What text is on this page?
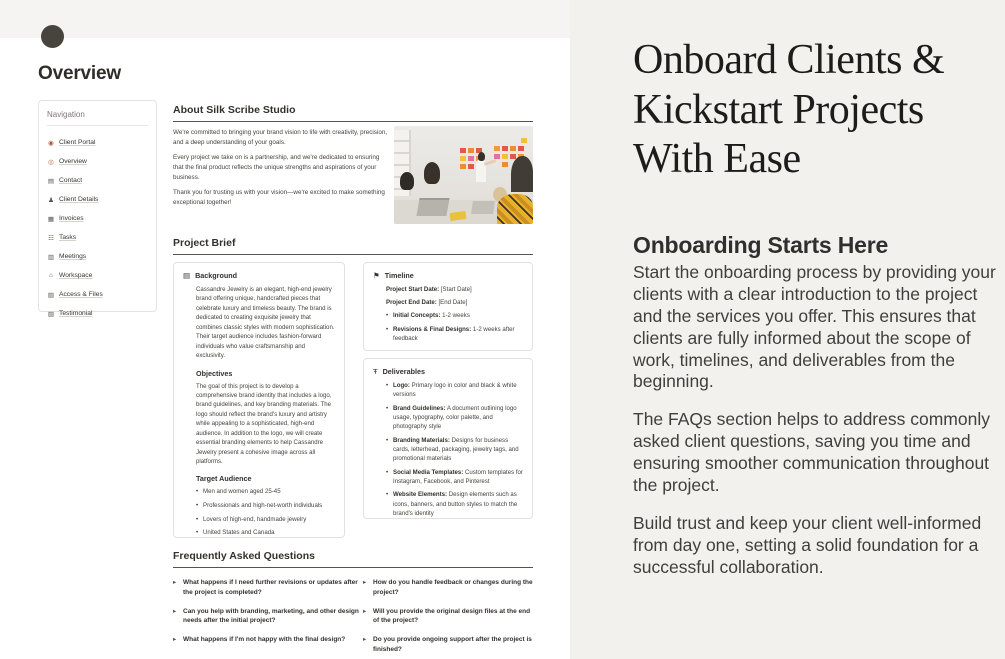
Overview
Navigation
◉ Client Portal
◎ Overview
▤ Contact
♟ Client Details
▦ Invoices
☷ Tasks
▥ Meetings
⌂ Workspace
▧ Access & Files
▨ Testimonial
About Silk Scribe Studio

We're committed to bringing your brand vision to life with creativity, precision, and a deep understanding of your goals.

Every project we take on is a partnership, and we're dedicated to ensuring that the final product reflects the unique strengths and aspirations of your business.

Thank you for trusting us with your vision—we're excited to make something exceptional together!

Project Brief
▤ Background
Cassandre Jewelry is an elegant, high-end jewelry brand offering unique, handcrafted pieces that celebrate luxury and timeless beauty. The brand is dedicated to creating exquisite jewelry that combines classic styles with modern sophistication. Their target audience includes fashion-forward individuals who value craftsmanship and exclusivity.
Objectives
The goal of this project is to develop a comprehensive brand identity that includes a logo, brand guidelines, and key branding materials. The logo should reflect the brand's luxury and artistry while appealing to a sophisticated, high-end audience. In addition to the logo, we will create essential branding elements to help Cassandre Jewelry present a cohesive image across all platforms.
Target Audience
• Men and women aged 25-45
• Professionals and high-net-worth individuals
• Lovers of high-end, handmade jewelry
• United States and Canada
⚑ Timeline
Project Start Date: [Start Date]
Project End Date: [End Date]
• Initial Concepts: 1-2 weeks
• Revisions & Final Designs: 1-2 weeks after feedback
Ŧ Deliverables
• Logo: Primary logo in color and black & white versions
• Brand Guidelines: A document outlining logo usage, typography, color palette, and photography style
• Branding Materials: Designs for business cards, letterhead, packaging, jewelry tags, and promotional materials
• Social Media Templates: Custom templates for Instagram, Facebook, and Pinterest
• Website Elements: Design elements such as icons, banners, and button styles to match the brand's identity
Frequently Asked Questions
▸ What happens if I need further revisions or updates after the project is completed?
▸ Can you help with branding, marketing, and other design needs after the initial project?
▸ What happens if I'm not happy with the final design?
▸ How do you handle feedback or changes during the project?
▸ Will you provide the original design files at the end of the project?
▸ Do you provide ongoing support after the project is finished?
Onboard Clients & Kickstart Projects With Ease
Onboarding Starts Here

Start the onboarding process by providing your clients with a clear introduction to the project and the services you offer. This ensures that clients are fully informed about the scope of work, timelines, and deliverables from the beginning.

The FAQs section helps to address commonly asked client questions, saving you time and ensuring smoother communication throughout the project.

Build trust and keep your client well-informed from day one, setting a solid foundation for a successful collaboration.
